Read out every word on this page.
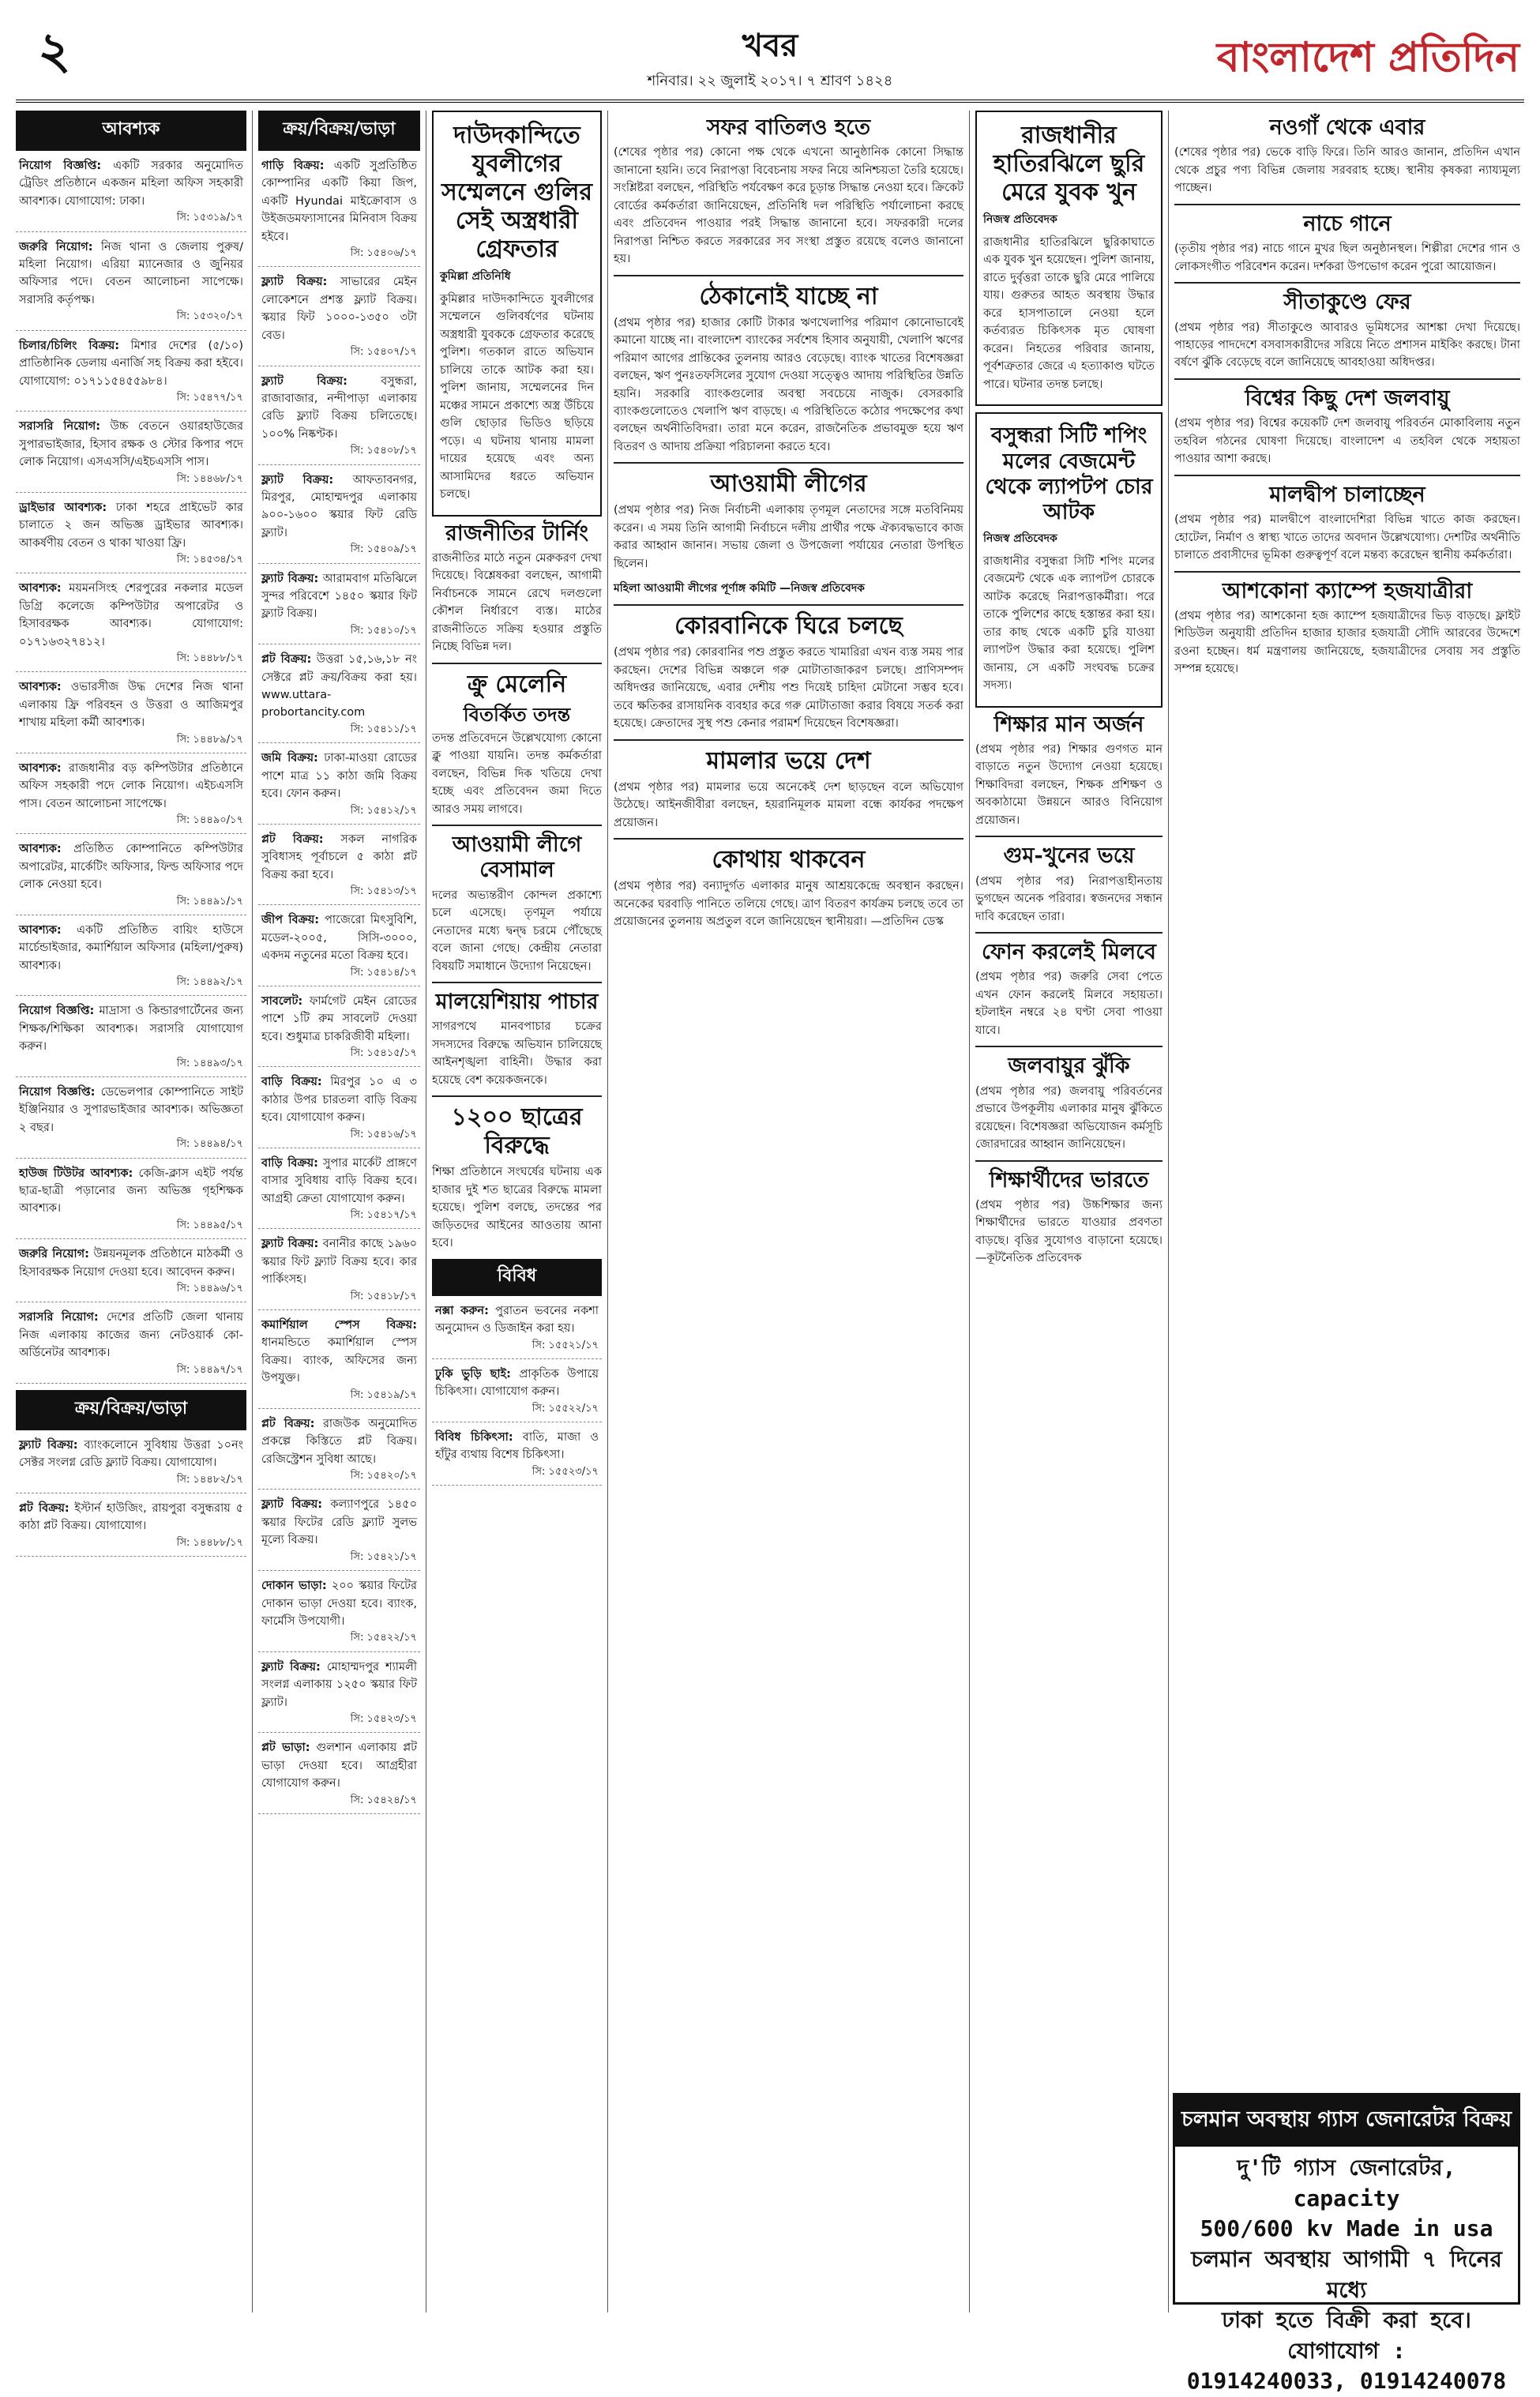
২	খবর
শনিবার। ২২ জুলাই ২০১৭। ৭ শ্রাবণ ১৪২৪	বাংলাদেশ প্রতিদিন
আবশ্যক
নিয়োগ বিজ্ঞপ্তি: একটি সরকার অনুমোদিত ট্রেডিং প্রতিষ্ঠানে একজন মহিলা অফিস সহকারী আবশ্যক। যোগাযোগ: ঢাকা।
সি: ১৫৩১৯/১৭
জরুরি নিয়োগ: নিজ থানা ও জেলায় পুরুষ/মহিলা নিয়োগ। এরিয়া ম্যানেজার ও জুনিয়র অফিসার পদে। বেতন আলোচনা সাপেক্ষে। সরাসরি কর্তৃপক্ষ।
সি: ১৫৩২০/১৭
চিলার/চিলিং বিক্রয়: মিশার দেশের (৫/১০) প্রাতিষ্ঠানিক ডেলায় এনার্জি সহ বিক্রয় করা হইবে। যোগাযোগ: ০১৭১১৫৪৫৫৯৮৪।
সি: ১৫৪৭৭/১৭
সরাসরি নিয়োগ: উচ্চ বেতনে ওয়ারহাউজের সুপারভাইজার, হিসাব রক্ষক ও স্টোর কিপার পদে লোক নিয়োগ। এসএসসি/এইচএসসি পাস।
সি: ১৪৪৬৮/১৭
ড্রাইভার আবশ্যক: ঢাকা শহরে প্রাইভেট কার চালাতে ২ জন অভিজ্ঞ ড্রাইভার আবশ্যক। আকর্ষণীয় বেতন ও থাকা খাওয়া ফ্রি।
সি: ১৪৫৩৪/১৭
আবশ্যক: ময়মনসিংহ শেরপুরের নকলার মডেল ডিগ্রি কলেজে কম্পিউটার অপারেটর ও হিসাবরক্ষক আবশ্যক। যোগাযোগ: ০১৭১৬৩২৭৪১২।
সি: ১৪৪৮৮/১৭
আবশ্যক: ওভারসীজ উদ্ধ দেশের নিজ থানা এলাকায় ফ্রি পরিবহন ও উত্তরা ও আজিমপুর শাখায় মহিলা কর্মী আবশ্যক।
সি: ১৪৪৮৯/১৭
আবশ্যক: রাজধানীর বড় কম্পিউটার প্রতিষ্ঠানে অফিস সহকারী পদে লোক নিয়োগ। এইচএসসি পাস। বেতন আলোচনা সাপেক্ষে।
সি: ১৪৪৯০/১৭
আবশ্যক: প্রতিষ্ঠিত কোম্পানিতে কম্পিউটার অপারেটর, মার্কেটিং অফিসার, ফিল্ড অফিসার পদে লোক নেওয়া হবে।
সি: ১৪৪৯১/১৭
আবশ্যক: একটি প্রতিষ্ঠিত বায়িং হাউসে মার্চেন্ডাইজার, কমার্শিয়াল অফিসার (মহিলা/পুরুষ) আবশ্যক।
সি: ১৪৪৯২/১৭
নিয়োগ বিজ্ঞপ্তি: মাদ্রাসা ও কিন্ডারগার্টেনের জন্য শিক্ষক/শিক্ষিকা আবশ্যক। সরাসরি যোগাযোগ করুন।
সি: ১৪৪৯৩/১৭
নিয়োগ বিজ্ঞপ্তি: ডেভেলপার কোম্পানিতে সাইট ইঞ্জিনিয়ার ও সুপারভাইজার আবশ্যক। অভিজ্ঞতা ২ বছর।
সি: ১৪৪৯৪/১৭
হাউজ টিউটর আবশ্যক: কেজি-ক্লাস এইট পর্যন্ত ছাত্র-ছাত্রী পড়ানোর জন্য অভিজ্ঞ গৃহশিক্ষক আবশ্যক।
সি: ১৪৪৯৫/১৭
জরুরি নিয়োগ: উন্নয়নমূলক প্রতিষ্ঠানে মাঠকর্মী ও হিসাবরক্ষক নিয়োগ দেওয়া হবে। আবেদন করুন।
সি: ১৪৪৯৬/১৭
সরাসরি নিয়োগ: দেশের প্রতিটি জেলা থানায় নিজ এলাকায় কাজের জন্য নেটওয়ার্ক কো-অর্ডিনেটর আবশ্যক।
সি: ১৪৪৯৭/১৭
ক্রয়/বিক্রয়/ভাড়া
ফ্ল্যাট বিক্রয়: ব্যাংকলোনে সুবিধায় উত্তরা ১০নং সেক্টর সংলগ্ন রেডি ফ্ল্যাট বিক্রয়। যোগাযোগ।
সি: ১৪৪৮২/১৭
প্লট বিক্রয়: ইস্টার্ন হাউজিং, রায়পুরা বসুন্ধরায় ৫ কাঠা প্লট বিক্রয়। যোগাযোগ।
সি: ১৪৪৮৮/১৭
ক্রয়/বিক্রয়/ভাড়া
গাড়ি বিক্রয়: একটি সুপ্রতিষ্ঠিত কোম্পানির একটি কিয়া জিপ, একটি Hyundai মাইক্রোবাস ও উইজডমফ্যাসানের মিনিবাস বিক্রয় হইবে।
সি: ১৫৪০৬/১৭
ফ্ল্যাট বিক্রয়: সাভারের মেইন লোকেশনে প্রশস্ত ফ্ল্যাট বিক্রয়। স্কয়ার ফিট ১০০০-১৩৫০ ৩টা বেড।
সি: ১৫৪০৭/১৭
ফ্ল্যাট বিক্রয়:	বসুন্ধরা, রাজাবাজার, নন্দীপাড়া এলাকায় রেডি ফ্ল্যাট বিক্রয় চলিতেছে। ১০০% নিষ্কণ্টক।
সি: ১৫৪০৮/১৭
ফ্ল্যাট বিক্রয়: আফতাবনগর, মিরপুর, মোহাম্মদপুর এলাকায় ৯০০-১৬০০ স্কয়ার ফিট রেডি ফ্ল্যাট।
সি: ১৫৪০৯/১৭
ফ্ল্যাট বিক্রয়: আরামবাগ মতিঝিলে সুন্দর পরিবেশে ১৪৫০ স্কয়ার ফিট ফ্ল্যাট বিক্রয়।
সি: ১৫৪১০/১৭
প্লট বিক্রয়: উত্তরা ১৫,১৬,১৮ নং সেক্টরে প্লট ক্রয়/বিক্রয় করা হয়। www.uttara-probortancity.com
সি: ১৫৪১১/১৭
জমি বিক্রয়: ঢাকা-মাওয়া রোডের পাশে মাত্র ১১ কাঠা জমি বিক্রয় হবে। ফোন করুন।
সি: ১৫৪১২/১৭
প্লট বিক্রয়: সকল নাগরিক সুবিধাসহ পূর্বাচলে ৫ কাঠা প্লট বিক্রয় করা হবে।
সি: ১৫৪১৩/১৭
জীপ বিক্রয়: পাজেরো মিৎসুবিশি, মডেল-২০০৫, সিসি-৩০০০, একদম নতুনের মতো বিক্রয় হবে।
সি: ১৫৪১৪/১৭
সাবলেট: ফার্মগেট মেইন রোডের পাশে ১টি রুম সাবলেট দেওয়া হবে। শুধুমাত্র চাকরিজীবী মহিলা।
সি: ১৫৪১৫/১৭
বাড়ি বিক্রয়: মিরপুর ১০ এ ৩ কাঠার উপর চারতলা বাড়ি বিক্রয় হবে। যোগাযোগ করুন।
সি: ১৫৪১৬/১৭
বাড়ি বিক্রয়: সুপার মার্কেট প্রাঙ্গণে বাসার সুবিধায় বাড়ি বিক্রয় হবে। আগ্রহী ক্রেতা যোগাযোগ করুন।
সি: ১৫৪১৭/১৭
ফ্ল্যাট বিক্রয়: বনানীর কাছে ১৯৬০ স্কয়ার ফিট ফ্ল্যাট বিক্রয় হবে। কার পার্কিংসহ।
সি: ১৫৪১৮/১৭
কমার্শিয়াল স্পেস বিক্রয়: ধানমন্ডিতে কমার্শিয়াল স্পেস বিক্রয়। ব্যাংক, অফিসের জন্য উপযুক্ত।
সি: ১৫৪১৯/১৭
প্লট বিক্রয়: রাজউক অনুমোদিত প্রকল্পে কিস্তিতে প্লট বিক্রয়। রেজিস্ট্রেশন সুবিধা আছে।
সি: ১৫৪২০/১৭
ফ্ল্যাট বিক্রয়: কল্যাণপুরে ১৪৫০ স্কয়ার ফিটের রেডি ফ্ল্যাট সুলভ মূল্যে বিক্রয়।
সি: ১৫৪২১/১৭
দোকান ভাড়া: ২০০ স্কয়ার ফিটের দোকান ভাড়া দেওয়া হবে। ব্যাংক, ফার্মেসি উপযোগী।
সি: ১৫৪২২/১৭
ফ্ল্যাট বিক্রয়: মোহাম্মদপুর শ্যামলী সংলগ্ন এলাকায় ১২৫০ স্কয়ার ফিট ফ্ল্যাট।
সি: ১৫৪২৩/১৭
প্লট ভাড়া: গুলশান এলাকায় প্লট ভাড়া দেওয়া হবে। আগ্রহীরা যোগাযোগ করুন।
সি: ১৫৪২৪/১৭
দাউদকান্দিতে যুবলীগের সম্মেলনে গুলির সেই অস্ত্রধারী গ্রেফতার
কুমিল্লা প্রতিনিধি
কুমিল্লার দাউদকান্দিতে যুবলীগের সম্মেলনে গুলিবর্ষণের ঘটনায় অস্ত্রধারী যুবককে গ্রেফতার করেছে পুলিশ। গতকাল রাতে অভিযান চালিয়ে তাকে আটক করা হয়। পুলিশ জানায়, সম্মেলনের দিন মঞ্চের সামনে প্রকাশ্যে অস্ত্র উঁচিয়ে গুলি ছোড়ার ভিডিও ছড়িয়ে পড়ে। এ ঘটনায় থানায় মামলা দায়ের হয়েছে এবং অন্য আসামিদের ধরতে অভিযান চলছে।
রাজনীতির টার্নিং
রাজনীতির মাঠে নতুন মেরুকরণ দেখা দিয়েছে। বিশ্লেষকরা বলছেন, আগামী নির্বাচনকে সামনে রেখে দলগুলো কৌশল নির্ধারণে ব্যস্ত। মাঠের রাজনীতিতে সক্রিয় হওয়ার প্রস্তুতি নিচ্ছে বিভিন্ন দল।
ক্রু মেলেনি
বিতর্কিত তদন্ত
তদন্ত প্রতিবেদনে উল্লেখযোগ্য কোনো ক্লু পাওয়া যায়নি। তদন্ত কর্মকর্তারা বলছেন, বিভিন্ন দিক খতিয়ে দেখা হচ্ছে এবং প্রতিবেদন জমা দিতে আরও সময় লাগবে।
আওয়ামী লীগে বেসামাল
দলের অভ্যন্তরীণ কোন্দল প্রকাশ্যে চলে এসেছে। তৃণমূল পর্যায়ে নেতাদের মধ্যে দ্বন্দ্ব চরমে পৌঁছেছে বলে জানা গেছে। কেন্দ্রীয় নেতারা বিষয়টি সমাধানে উদ্যোগ নিয়েছেন।
মালয়েশিয়ায় পাচার
সাগরপথে মানবপাচার চক্রের সদস্যদের বিরুদ্ধে অভিযান চালিয়েছে আইনশৃঙ্খলা বাহিনী। উদ্ধার করা হয়েছে বেশ কয়েকজনকে।
১২০০ ছাত্রের বিরুদ্ধে
শিক্ষা প্রতিষ্ঠানে সংঘর্ষের ঘটনায় এক হাজার দুই শত ছাত্রের বিরুদ্ধে মামলা হয়েছে। পুলিশ বলছে, তদন্তের পর জড়িতদের আইনের আওতায় আনা হবে।
বিবিধ
নক্সা করুন: পুরাতন ভবনের নকশা অনুমোদন ও ডিজাইন করা হয়।
সি: ১৫৫২১/১৭
ঢুকি ভুড়ি ছাই: প্রাকৃতিক উপায়ে চিকিৎসা। যোগাযোগ করুন।
সি: ১৫৫২২/১৭
বিবিধ চিকিৎসা: বাতি, মাজা ও হাঁটুর ব্যথায় বিশেষ চিকিৎসা।
সি: ১৫৫২৩/১৭
সফর বাতিলও হতে
(শেষের পৃষ্ঠার পর) কোনো পক্ষ থেকে এখনো আনুষ্ঠানিক কোনো সিদ্ধান্ত জানানো হয়নি। তবে নিরাপত্তা বিবেচনায় সফর নিয়ে অনিশ্চয়তা তৈরি হয়েছে। সংশ্লিষ্টরা বলছেন, পরিস্থিতি পর্যবেক্ষণ করে চূড়ান্ত সিদ্ধান্ত নেওয়া হবে। ক্রিকেট বোর্ডের কর্মকর্তারা জানিয়েছেন, প্রতিনিধি দল পরিস্থিতি পর্যালোচনা করছে এবং প্রতিবেদন পাওয়ার পরই সিদ্ধান্ত জানানো হবে। সফরকারী দলের নিরাপত্তা নিশ্চিত করতে সরকারের সব সংস্থা প্রস্তুত রয়েছে বলেও জানানো হয়।
ঠেকানোই যাচ্ছে না
(প্রথম পৃষ্ঠার পর) হাজার কোটি টাকার ঋণখেলাপির পরিমাণ কোনোভাবেই কমানো যাচ্ছে না। বাংলাদেশ ব্যাংকের সর্বশেষ হিসাব অনুযায়ী, খেলাপি ঋণের পরিমাণ আগের প্রান্তিকের তুলনায় আরও বেড়েছে। ব্যাংক খাতের বিশেষজ্ঞরা বলছেন, ঋণ পুনঃতফসিলের সুযোগ দেওয়া সত্ত্বেও আদায় পরিস্থিতির উন্নতি হয়নি। সরকারি ব্যাংকগুলোর অবস্থা সবচেয়ে নাজুক। বেসরকারি ব্যাংকগুলোতেও খেলাপি ঋণ বাড়ছে। এ পরিস্থিতিতে কঠোর পদক্ষেপের কথা বলছেন অর্থনীতিবিদরা। তারা মনে করেন, রাজনৈতিক প্রভাবমুক্ত হয়ে ঋণ বিতরণ ও আদায় প্রক্রিয়া পরিচালনা করতে হবে।
আওয়ামী লীগের
(প্রথম পৃষ্ঠার পর) নিজ নির্বাচনী এলাকায় তৃণমূল নেতাদের সঙ্গে মতবিনিময় করেন। এ সময় তিনি আগামী নির্বাচনে দলীয় প্রার্থীর পক্ষে ঐক্যবদ্ধভাবে কাজ করার আহ্বান জানান। সভায় জেলা ও উপজেলা পর্যায়ের নেতারা উপস্থিত ছিলেন।
মহিলা আওয়ামী লীগের পূর্ণাঙ্গ কমিটি —নিজস্ব প্রতিবেদক
কোরবানিকে ঘিরে চলছে
(প্রথম পৃষ্ঠার পর) কোরবানির পশু প্রস্তুত করতে খামারিরা এখন ব্যস্ত সময় পার করছেন। দেশের বিভিন্ন অঞ্চলে গরু মোটাতাজাকরণ চলছে। প্রাণিসম্পদ অধিদপ্তর জানিয়েছে, এবার দেশীয় পশু দিয়েই চাহিদা মেটানো সম্ভব হবে। তবে ক্ষতিকর রাসায়নিক ব্যবহার করে গরু মোটাতাজা করার বিষয়ে সতর্ক করা হয়েছে। ক্রেতাদের সুস্থ পশু কেনার পরামর্শ দিয়েছেন বিশেষজ্ঞরা।
মামলার ভয়ে দেশ
(প্রথম পৃষ্ঠার পর) মামলার ভয়ে অনেকেই দেশ ছাড়ছেন বলে অভিযোগ উঠেছে। আইনজীবীরা বলছেন, হয়রানিমূলক মামলা বন্ধে কার্যকর পদক্ষেপ প্রয়োজন।
কোথায় থাকবেন
(প্রথম পৃষ্ঠার পর) বন্যাদুর্গত এলাকার মানুষ আশ্রয়কেন্দ্রে অবস্থান করছেন। অনেকের ঘরবাড়ি পানিতে তলিয়ে গেছে। ত্রাণ বিতরণ কার্যক্রম চলছে তবে তা প্রয়োজনের তুলনায় অপ্রতুল বলে জানিয়েছেন স্থানীয়রা। —প্রতিদিন ডেস্ক
রাজধানীর হাতিরঝিলে ছুরি মেরে যুবক খুন
নিজস্ব প্রতিবেদক
রাজধানীর হাতিরঝিলে ছুরিকাঘাতে এক যুবক খুন হয়েছেন। পুলিশ জানায়, রাতে দুর্বৃত্তরা তাকে ছুরি মেরে পালিয়ে যায়। গুরুতর আহত অবস্থায় উদ্ধার করে হাসপাতালে নেওয়া হলে কর্তব্যরত চিকিৎসক মৃত ঘোষণা করেন। নিহতের পরিবার জানায়, পূর্বশত্রুতার জেরে এ হত্যাকাণ্ড ঘটতে পারে। ঘটনার তদন্ত চলছে।
বসুন্ধরা সিটি শপিং মলের বেজমেন্ট থেকে ল্যাপটপ চোর আটক
নিজস্ব প্রতিবেদক
রাজধানীর বসুন্ধরা সিটি শপিং মলের বেজমেন্ট থেকে এক ল্যাপটপ চোরকে আটক করেছে নিরাপত্তাকর্মীরা। পরে তাকে পুলিশের কাছে হস্তান্তর করা হয়। তার কাছ থেকে একটি চুরি যাওয়া ল্যাপটপ উদ্ধার করা হয়েছে। পুলিশ জানায়, সে একটি সংঘবদ্ধ চক্রের সদস্য।
শিক্ষার মান অর্জন
(প্রথম পৃষ্ঠার পর) শিক্ষার গুণগত মান বাড়াতে নতুন উদ্যোগ নেওয়া হয়েছে। শিক্ষাবিদরা বলছেন, শিক্ষক প্রশিক্ষণ ও অবকাঠামো উন্নয়নে আরও বিনিয়োগ প্রয়োজন।
গুম-খুনের ভয়ে
(প্রথম পৃষ্ঠার পর) নিরাপত্তাহীনতায় ভুগছেন অনেক পরিবার। স্বজনদের সন্ধান দাবি করেছেন তারা।
ফোন করলেই মিলবে
(প্রথম পৃষ্ঠার পর) জরুরি সেবা পেতে এখন ফোন করলেই মিলবে সহায়তা। হটলাইন নম্বরে ২৪ ঘণ্টা সেবা পাওয়া যাবে।
জলবায়ুর ঝুঁকি
(প্রথম পৃষ্ঠার পর) জলবায়ু পরিবর্তনের প্রভাবে উপকূলীয় এলাকার মানুষ ঝুঁকিতে রয়েছেন। বিশেষজ্ঞরা অভিযোজন কর্মসূচি জোরদারের আহ্বান জানিয়েছেন।
শিক্ষার্থীদের ভারতে
(প্রথম পৃষ্ঠার পর) উচ্চশিক্ষার জন্য শিক্ষার্থীদের ভারতে যাওয়ার প্রবণতা বাড়ছে। বৃত্তির সুযোগও বাড়ানো হয়েছে। —কূটনৈতিক প্রতিবেদক
নওগাঁ থেকে এবার
(শেষের পৃষ্ঠার পর) ভেকে বাড়ি ফিরে। তিনি আরও জানান, প্রতিদিন এখান থেকে প্রচুর পণ্য বিভিন্ন জেলায় সরবরাহ হচ্ছে। স্থানীয় কৃষকরা ন্যায্যমূল্য পাচ্ছেন।
নাচে গানে
(তৃতীয় পৃষ্ঠার পর) নাচে গানে মুখর ছিল অনুষ্ঠানস্থল। শিল্পীরা দেশের গান ও লোকসংগীত পরিবেশন করেন। দর্শকরা উপভোগ করেন পুরো আয়োজন।
সীতাকুণ্ডে ফের
(প্রথম পৃষ্ঠার পর) সীতাকুণ্ডে আবারও ভূমিধসের আশঙ্কা দেখা দিয়েছে। পাহাড়ের পাদদেশে বসবাসকারীদের সরিয়ে নিতে প্রশাসন মাইকিং করছে। টানা বর্ষণে ঝুঁকি বেড়েছে বলে জানিয়েছে আবহাওয়া অধিদপ্তর।
বিশ্বের কিছু দেশ জলবায়ু
(প্রথম পৃষ্ঠার পর) বিশ্বের কয়েকটি দেশ জলবায়ু পরিবর্তন মোকাবিলায় নতুন তহবিল গঠনের ঘোষণা দিয়েছে। বাংলাদেশ এ তহবিল থেকে সহায়তা পাওয়ার আশা করছে।
মালদ্বীপ চালাচ্ছেন
(প্রথম পৃষ্ঠার পর) মালদ্বীপে বাংলাদেশিরা বিভিন্ন খাতে কাজ করছেন। হোটেল, নির্মাণ ও স্বাস্থ্য খাতে তাদের অবদান উল্লেখযোগ্য। দেশটির অর্থনীতি চালাতে প্রবাসীদের ভূমিকা গুরুত্বপূর্ণ বলে মন্তব্য করেছেন স্থানীয় কর্মকর্তারা।
আশকোনা ক্যাম্পে হজযাত্রীরা
(প্রথম পৃষ্ঠার পর) আশকোনা হজ ক্যাম্পে হজযাত্রীদের ভিড় বাড়ছে। ফ্লাইট শিডিউল অনুযায়ী প্রতিদিন হাজার হাজার হজযাত্রী সৌদি আরবের উদ্দেশে রওনা হচ্ছেন। ধর্ম মন্ত্রণালয় জানিয়েছে, হজযাত্রীদের সেবায় সব প্রস্তুতি সম্পন্ন হয়েছে।
চলমান অবস্থায় গ্যাস জেনারেটর বিক্রয়
দু'টি গ্যাস জেনারেটর, capacity
500/600 kv Made in usa
চলমান অবস্থায় আগামী ৭ দিনের মধ্যে
ঢাকা হতে বিক্রী করা হবে। যোগাযোগ :
01914240033, 01914240078
